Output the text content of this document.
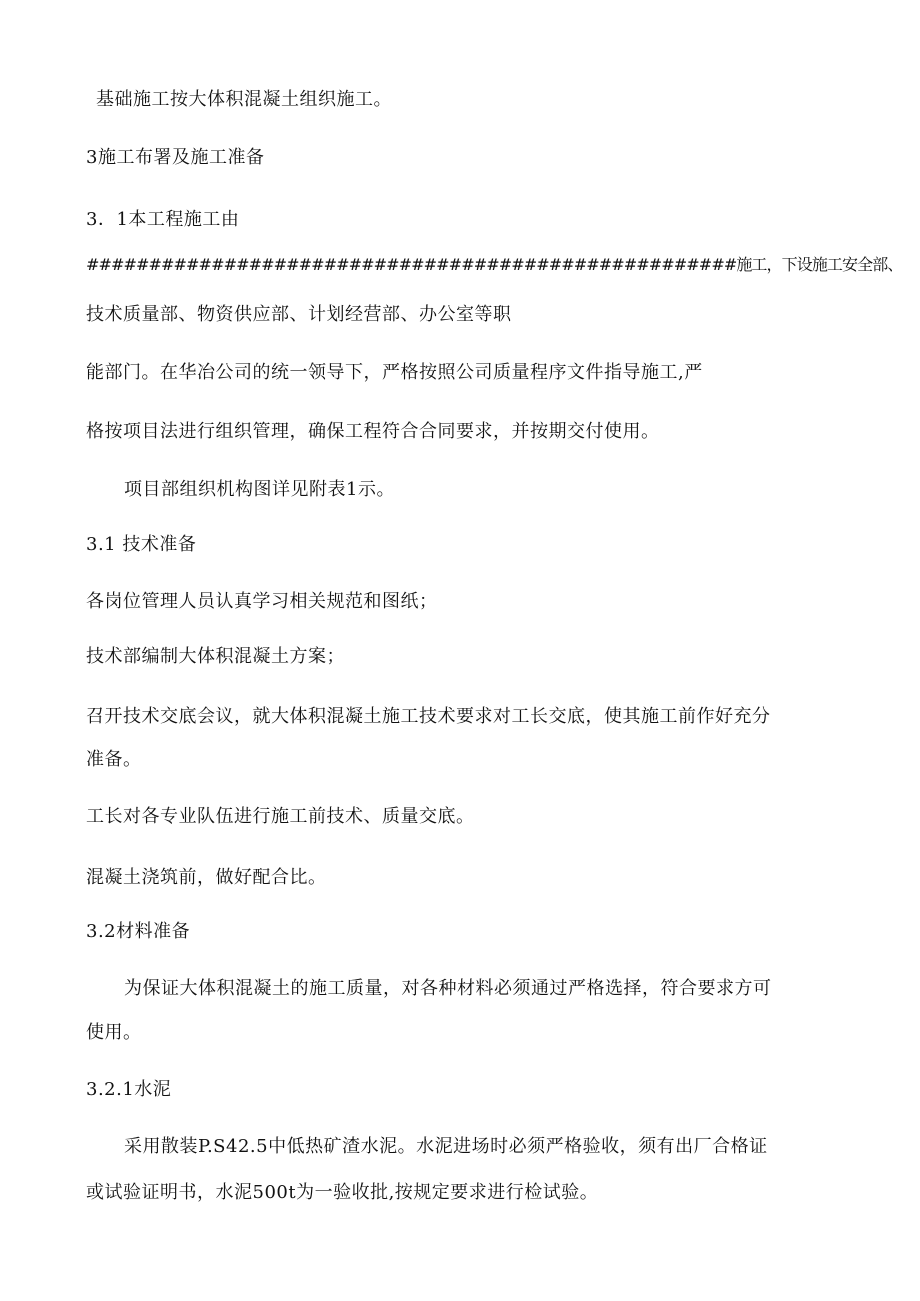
基础施工按大体积混凝土组织施工。
3施工布署及施工准备
3．1本工程施工由
####################################################施工，下设施工安全部、
技术质量部、物资供应部、计划经营部、办公室等职
能部门。在华冶公司的统一领导下，严格按照公司质量程序文件指导施工,严
格按项目法进行组织管理，确保工程符合合同要求，并按期交付使用。
项目部组织机构图详见附表1示。
3.1 技术准备
各岗位管理人员认真学习相关规范和图纸；
技术部编制大体积混凝土方案；
召开技术交底会议，就大体积混凝土施工技术要求对工长交底，使其施工前作好充分
准备。
工长对各专业队伍进行施工前技术、质量交底。
混凝土浇筑前，做好配合比。
3.2材料准备
为保证大体积混凝土的施工质量，对各种材料必须通过严格选择，符合要求方可
使用。
3.2.1水泥
采用散装P.S42.5中低热矿渣水泥。水泥进场时必须严格验收，须有出厂合格证
或试验证明书，水泥500t为一验收批,按规定要求进行检试验。
